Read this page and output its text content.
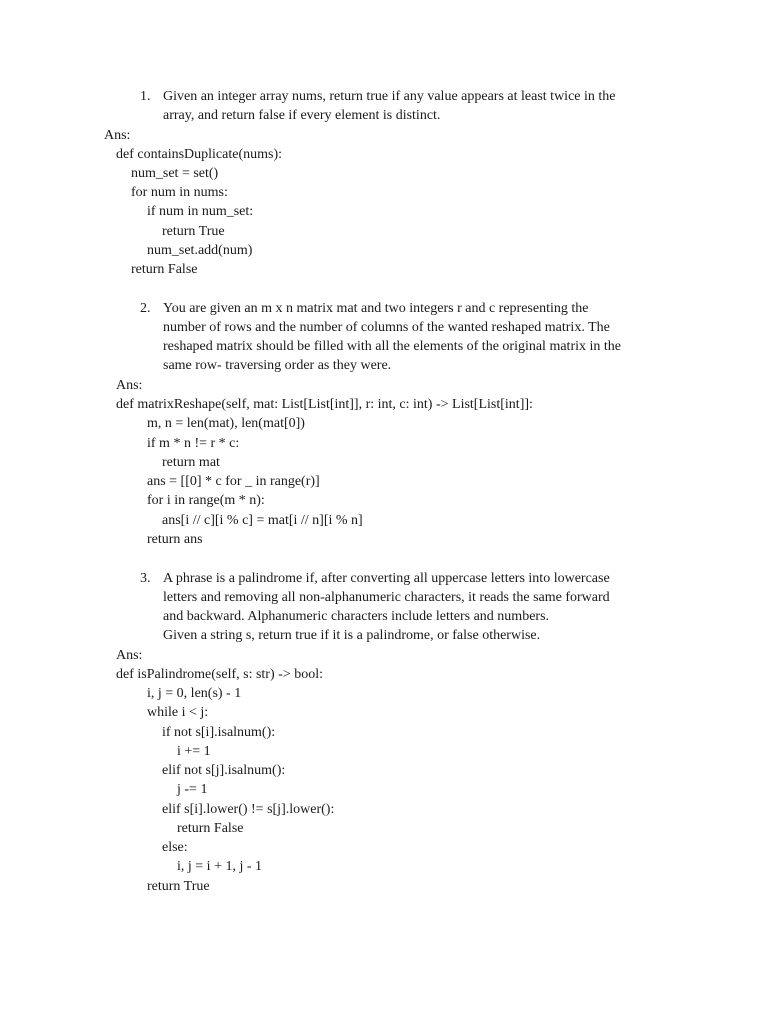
1. Given an integer array nums, return true if any value appears at least twice in the
array, and return false if every element is distinct.
Ans:
def containsDuplicate(nums):
num_set = set()
for num in nums:
if num in num_set:
return True
num_set.add(num)
return False
2. You are given an m x n matrix mat and two integers r and c representing the
number of rows and the number of columns of the wanted reshaped matrix. The
reshaped matrix should be filled with all the elements of the original matrix in the
same row- traversing order as they were.
Ans:
def matrixReshape(self, mat: List[List[int]], r: int, c: int) -> List[List[int]]:
m, n = len(mat), len(mat[0])
if m * n != r * c:
return mat
ans = [[0] * c for _ in range(r)]
for i in range(m * n):
ans[i // c][i % c] = mat[i // n][i % n]
return ans
3. A phrase is a palindrome if, after converting all uppercase letters into lowercase
letters and removing all non-alphanumeric characters, it reads the same forward
and backward. Alphanumeric characters include letters and numbers.
Given a string s, return true if it is a palindrome, or false otherwise.
Ans:
def isPalindrome(self, s: str) -> bool:
i, j = 0, len(s) - 1
while i < j:
if not s[i].isalnum():
i += 1
elif not s[j].isalnum():
j -= 1
elif s[i].lower() != s[j].lower():
return False
else:
i, j = i + 1, j - 1
return True
